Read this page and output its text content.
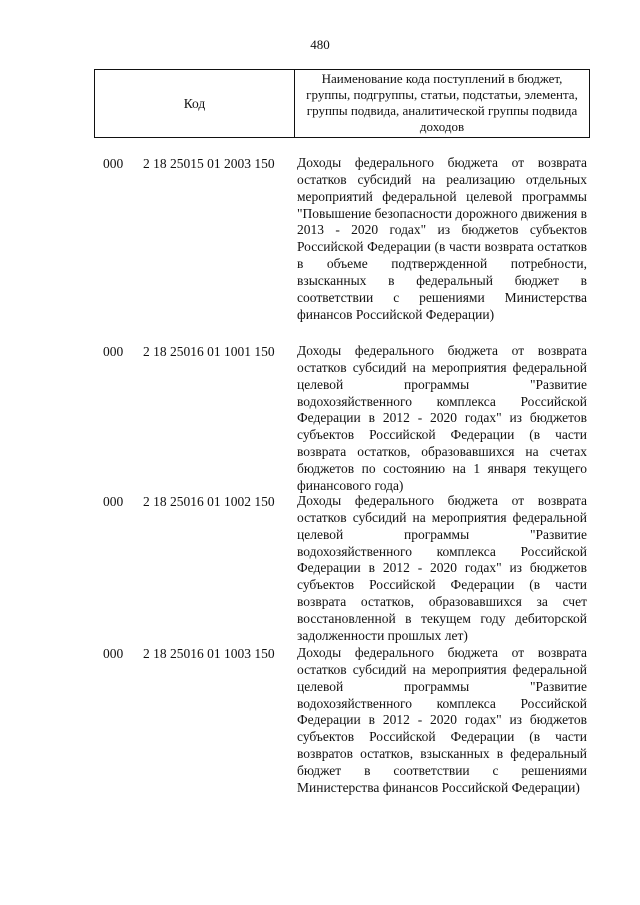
480
Код
Наименование кода поступлений в бюджет, группы, подгруппы, статьи, подстатьи, элемента, группы подвида, аналитической группы подвида доходов
000 2 18 25015 01 2003 150 Доходы федерального бюджета от возврата остатков субсидий на реализацию отдельных мероприятий федеральной целевой программы "Повышение безопасности дорожного движения в 2013 - 2020 годах" из бюджетов субъектов Российской Федерации (в части возврата остатков в объеме подтвержденной потребности, взысканных в федеральный бюджет в соответствии с решениями Министерства финансов Российской Федерации)
000 2 18 25016 01 1001 150 Доходы федерального бюджета от возврата остатков субсидий на мероприятия федеральной целевой программы "Развитие водохозяйственного комплекса Российской Федерации в 2012 - 2020 годах" из бюджетов субъектов Российской Федерации (в части возврата остатков, образовавшихся на счетах бюджетов по состоянию на 1 января текущего финансового года)
000 2 18 25016 01 1002 150 Доходы федерального бюджета от возврата остатков субсидий на мероприятия федеральной целевой программы "Развитие водохозяйственного комплекса Российской Федерации в 2012 - 2020 годах" из бюджетов субъектов Российской Федерации (в части возврата остатков, образовавшихся за счет восстановленной в текущем году дебиторской задолженности прошлых лет)
000 2 18 25016 01 1003 150 Доходы федерального бюджета от возврата остатков субсидий на мероприятия федеральной целевой программы "Развитие водохозяйственного комплекса Российской Федерации в 2012 - 2020 годах" из бюджетов субъектов Российской Федерации (в части возвратов остатков, взысканных в федеральный бюджет в соответствии с решениями Министерства финансов Российской Федерации)
